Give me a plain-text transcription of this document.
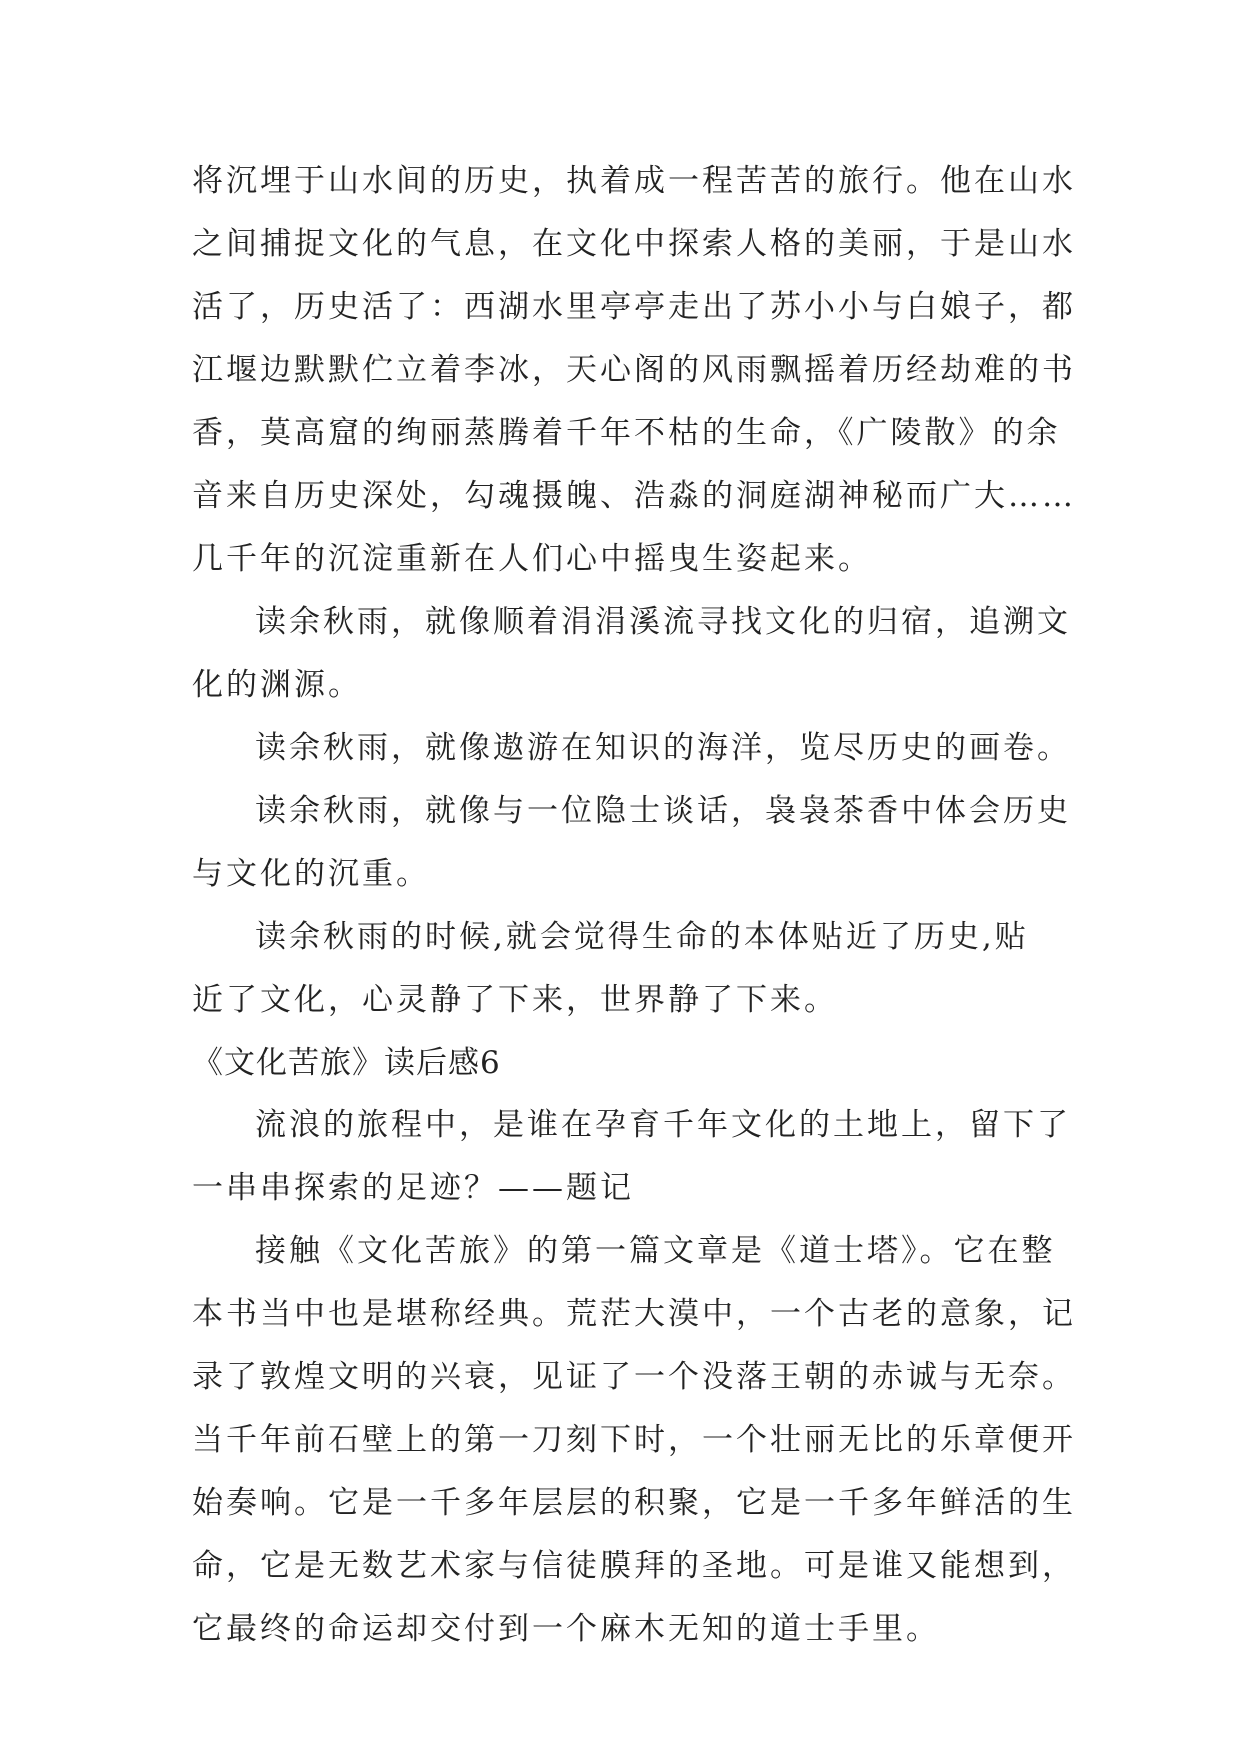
将沉埋于山水间的历史，执着成一程苦苦的旅行。他在山水
之间捕捉文化的气息，在文化中探索人格的美丽，于是山水
活了，历史活了：西湖水里亭亭走出了苏小小与白娘子，都
江堰边默默伫立着李冰，天心阁的风雨飘摇着历经劫难的书
香，莫高窟的绚丽蒸腾着千年不枯的生命，《广陵散》的余
音来自历史深处，勾魂摄魄、浩淼的洞庭湖神秘而广大……
几千年的沉淀重新在人们心中摇曳生姿起来。
读余秋雨，就像顺着涓涓溪流寻找文化的归宿，追溯文
化的渊源。
读余秋雨，就像遨游在知识的海洋，览尽历史的画卷。
读余秋雨，就像与一位隐士谈话，袅袅茶香中体会历史
与文化的沉重。
读余秋雨的时候,就会觉得生命的本体贴近了历史,贴
近了文化，心灵静了下来，世界静了下来。
《文化苦旅》读后感6
流浪的旅程中，是谁在孕育千年文化的土地上，留下了
一串串探索的足迹？——题记
接触《文化苦旅》的第一篇文章是《道士塔》。它在整
本书当中也是堪称经典。荒茫大漠中，一个古老的意象，记
录了敦煌文明的兴衰，见证了一个没落王朝的赤诚与无奈。
当千年前石壁上的第一刀刻下时，一个壮丽无比的乐章便开
始奏响。它是一千多年层层的积聚，它是一千多年鲜活的生
命，它是无数艺术家与信徒膜拜的圣地。可是谁又能想到，
它最终的命运却交付到一个麻木无知的道士手里。
